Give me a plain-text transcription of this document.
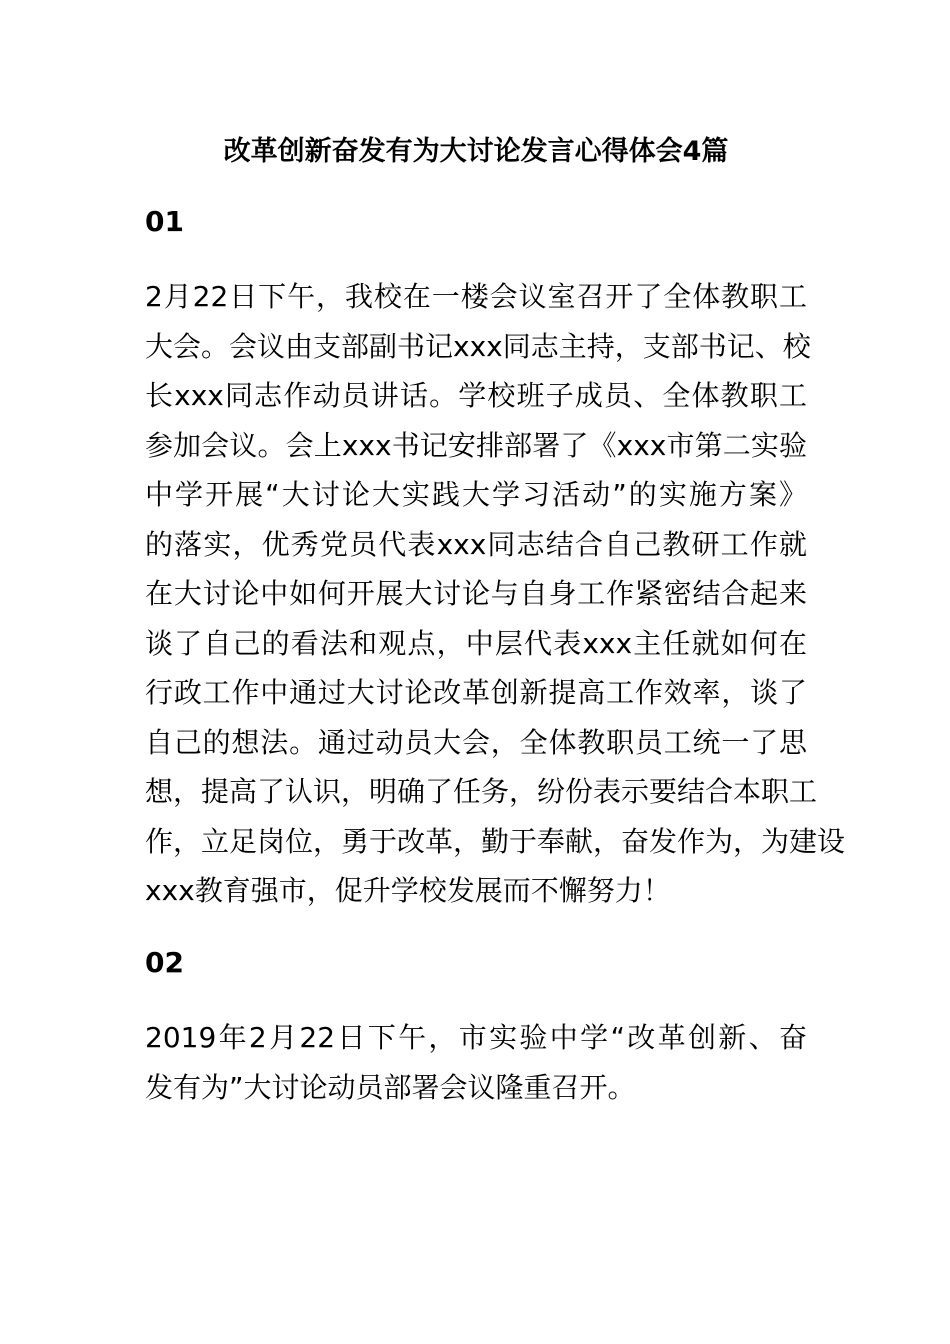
改革创新奋发有为大讨论发言心得体会4篇
01
2月22日下午，我校在一楼会议室召开了全体教职工
大会。会议由支部副书记xxx同志主持，支部书记、校
长xxx同志作动员讲话。学校班子成员、全体教职工
参加会议。会上xxx书记安排部署了《xxx市第二实验
中学开展“大讨论大实践大学习活动”的实施方案》
的落实，优秀党员代表xxx同志结合自己教研工作就
在大讨论中如何开展大讨论与自身工作紧密结合起来
谈了自己的看法和观点，中层代表xxx主任就如何在
行政工作中通过大讨论改革创新提高工作效率，谈了
自己的想法。通过动员大会，全体教职员工统一了思
想，提高了认识，明确了任务，纷份表示要结合本职工
作，立足岗位，勇于改革，勤于奉献，奋发作为，为建设
xxx教育强市，促升学校发展而不懈努力！
02
2019年2月22日下午，市实验中学“改革创新、奋
发有为”大讨论动员部署会议隆重召开。
